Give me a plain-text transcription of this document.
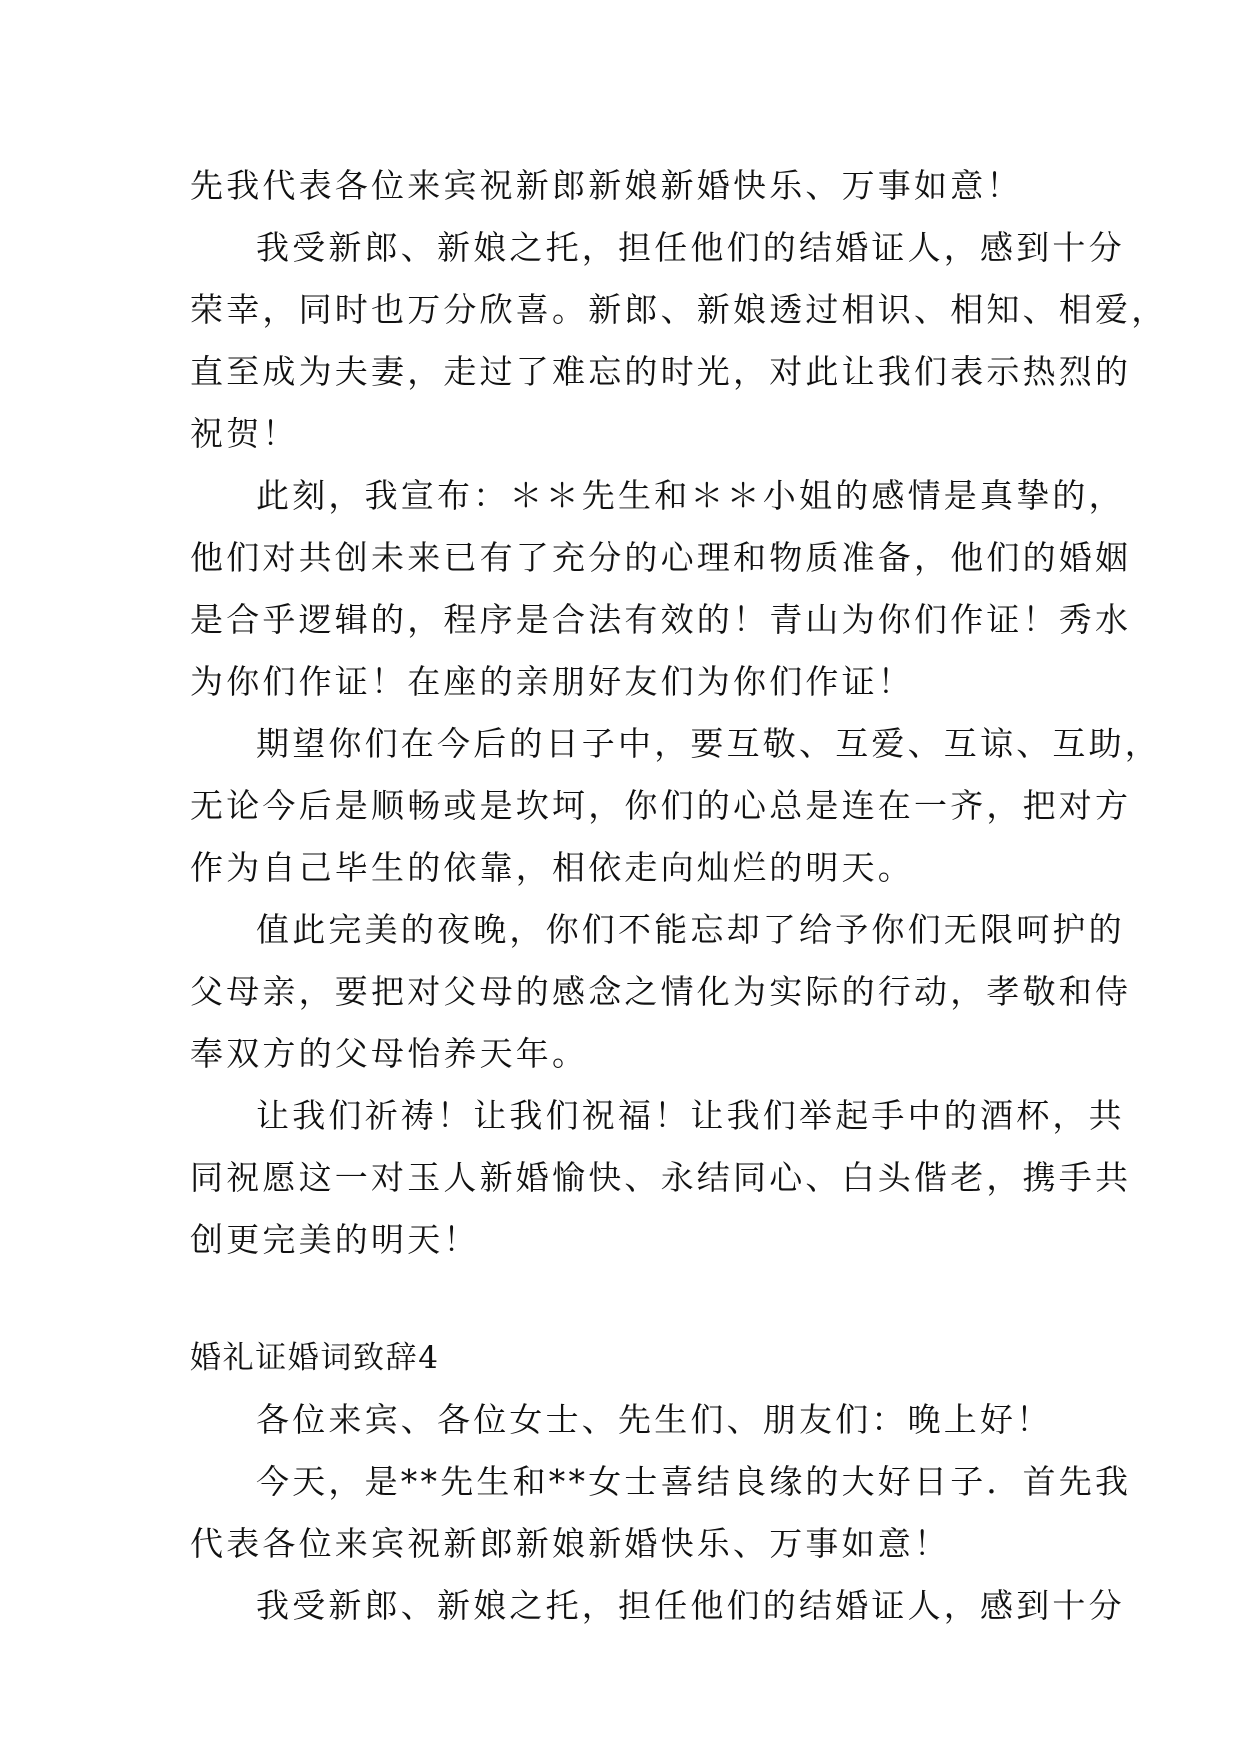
先我代表各位来宾祝新郎新娘新婚快乐、万事如意！
我受新郎、新娘之托，担任他们的结婚证人，感到十分
荣幸，同时也万分欣喜。新郎、新娘透过相识、相知、相爱，
直至成为夫妻，走过了难忘的时光，对此让我们表示热烈的
祝贺！
此刻，我宣布：＊＊先生和＊＊小姐的感情是真挚的，
他们对共创未来已有了充分的心理和物质准备，他们的婚姻
是合乎逻辑的，程序是合法有效的！青山为你们作证！秀水
为你们作证！在座的亲朋好友们为你们作证！
期望你们在今后的日子中，要互敬、互爱、互谅、互助，
无论今后是顺畅或是坎坷，你们的心总是连在一齐，把对方
作为自己毕生的依靠，相依走向灿烂的明天。
值此完美的夜晚，你们不能忘却了给予你们无限呵护的
父母亲，要把对父母的感念之情化为实际的行动，孝敬和侍
奉双方的父母怡养天年。
让我们祈祷！让我们祝福！让我们举起手中的酒杯，共
同祝愿这一对玉人新婚愉快、永结同心、白头偕老，携手共
创更完美的明天！
婚礼证婚词致辞4
各位来宾、各位女士、先生们、朋友们：晚上好！
今天，是**先生和**女士喜结良缘的大好日子．首先我
代表各位来宾祝新郎新娘新婚快乐、万事如意！
我受新郎、新娘之托，担任他们的结婚证人，感到十分
